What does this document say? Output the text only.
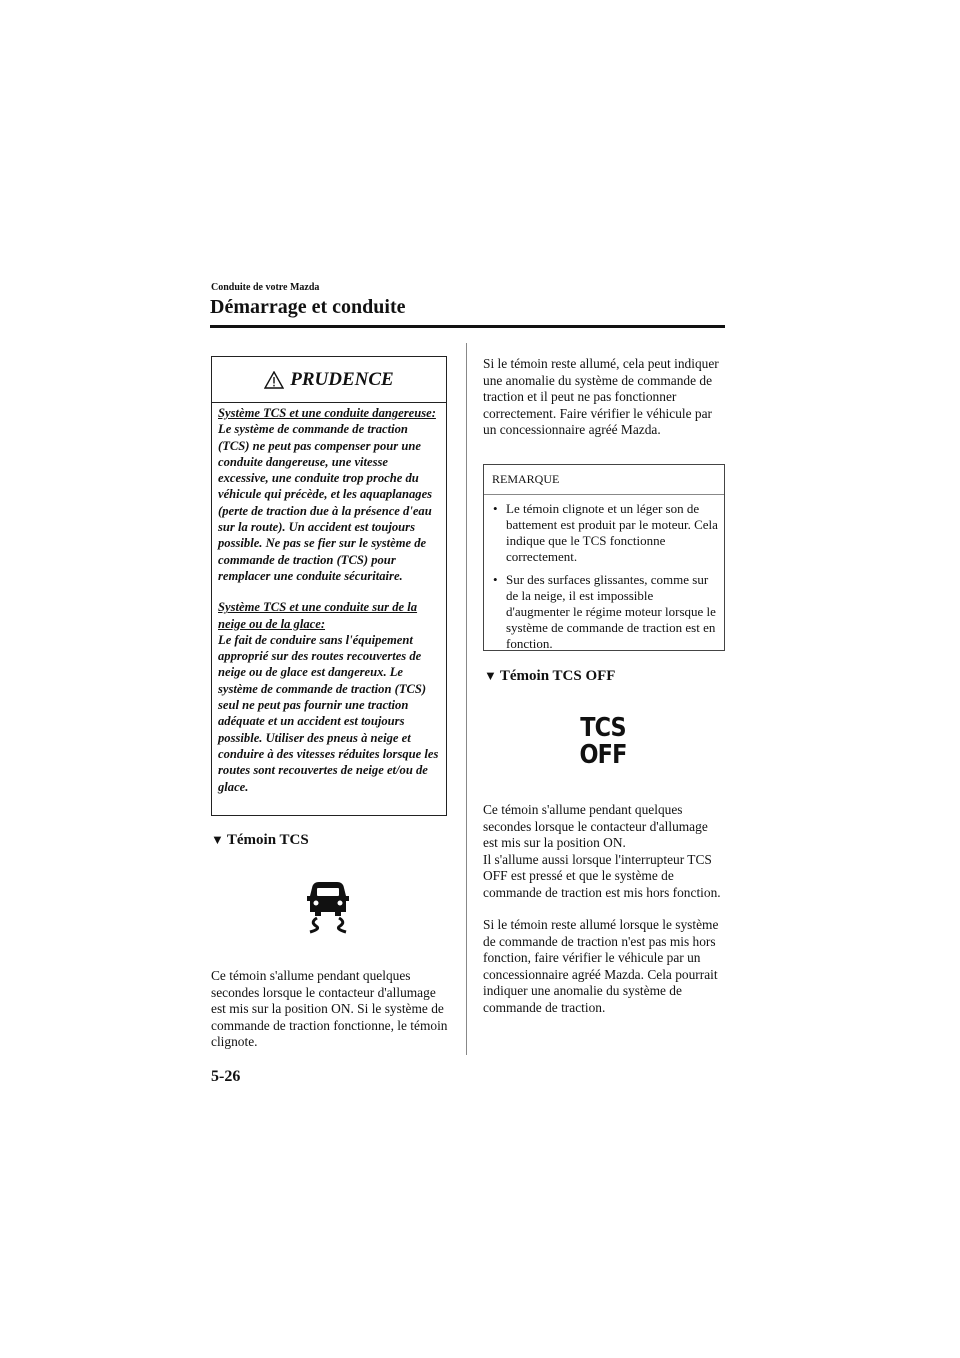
Conduite de votre Mazda
Démarrage et conduite
PRUDENCE
Système TCS et une conduite dangereuse:
Le système de commande de traction (TCS) ne peut pas compenser pour une conduite dangereuse, une vitesse excessive, une conduite trop proche du véhicule qui précède, et les aquaplanages (perte de traction due à la présence d'eau sur la route). Un accident est toujours possible. Ne pas se fier sur le système de commande de traction (TCS) pour remplacer une conduite sécuritaire.
Système TCS et une conduite sur de la neige ou de la glace:
Le fait de conduire sans l'équipement approprié sur des routes recouvertes de neige ou de glace est dangereux. Le système de commande de traction (TCS) seul ne peut pas fournir une traction adéquate et un accident est toujours possible. Utiliser des pneus à neige et conduire à des vitesses réduites lorsque les routes sont recouvertes de neige et/ou de glace.
▼ Témoin TCS
Ce témoin s'allume pendant quelques secondes lorsque le contacteur d'allumage est mis sur la position ON. Si le système de commande de traction fonctionne, le témoin clignote.
Si le témoin reste allumé, cela peut indiquer une anomalie du système de commande de traction et il peut ne pas fonctionner correctement. Faire vérifier le véhicule par un concessionnaire agréé Mazda.
REMARQUE
• Le témoin clignote et un léger son de battement est produit par le moteur. Cela indique que le TCS fonctionne correctement.
• Sur des surfaces glissantes, comme sur de la neige, il est impossible d'augmenter le régime moteur lorsque le système de commande de traction est en fonction.
▼ Témoin TCS OFF
TCS
OFF
Ce témoin s'allume pendant quelques secondes lorsque le contacteur d'allumage est mis sur la position ON.
Il s'allume aussi lorsque l'interrupteur TCS OFF est pressé et que le système de commande de traction est mis hors fonction.
Si le témoin reste allumé lorsque le système de commande de traction n'est pas mis hors fonction, faire vérifier le véhicule par un concessionnaire agréé Mazda. Cela pourrait indiquer une anomalie du système de commande de traction.
5-26
